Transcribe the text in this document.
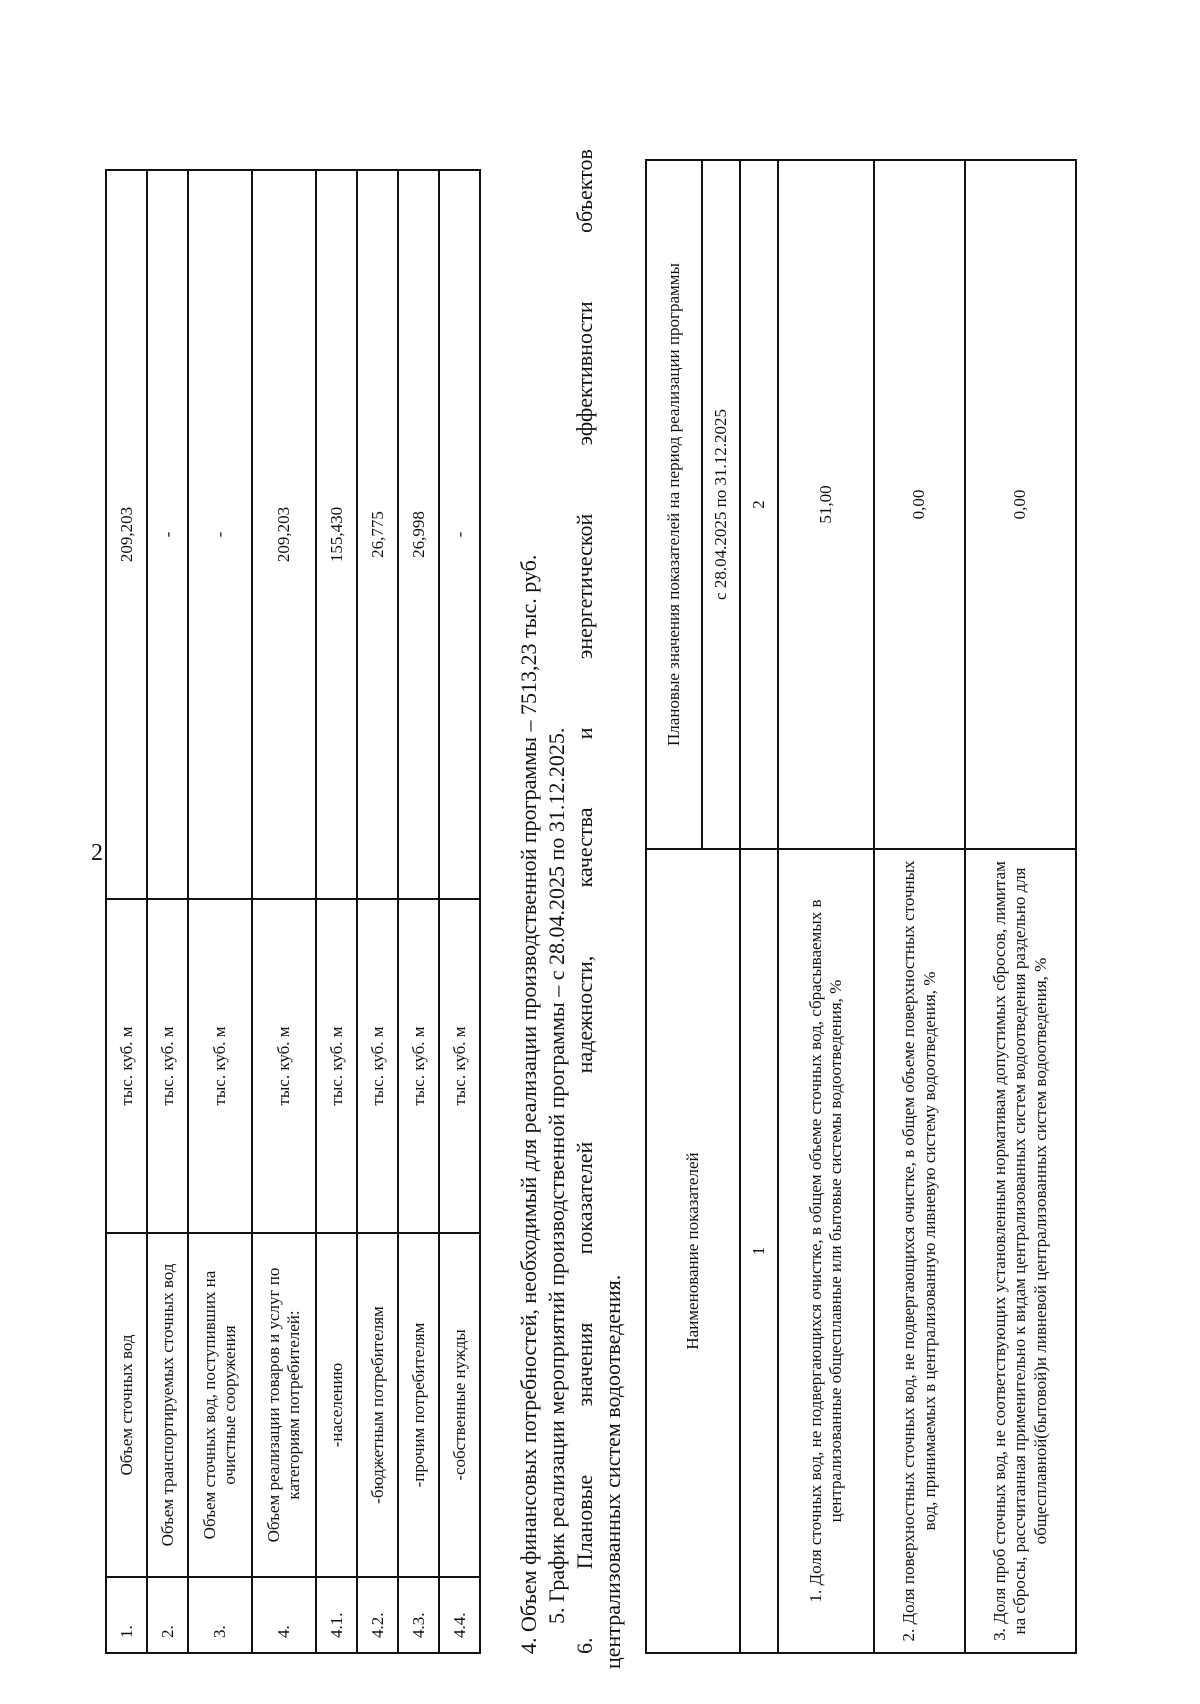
2
1.	Объем сточных вод	тыс. куб. м	209,203
2.	Объем транспортируемых сточных вод	тыс. куб. м	-
3.	Объем сточных вод, поступивших на очистные сооружения	тыс. куб. м	-
4.	Объем реализации товаров и услуг по категориям потребителей:	тыс. куб. м	209,203
4.1.	-населению	тыс. куб. м	155,430
4.2.	-бюджетным потребителям	тыс. куб. м	26,775
4.3.	-прочим потребителям	тыс. куб. м	26,998
4.4.	-собственные нужды	тыс. куб. м	-
4. Объем финансовых потребностей, необходимый для реализации производственной программы – 7513,23 тыс. руб. 5. График реализации мероприятий производственной программы – с 28.04.2025 по 31.12.2025.
6.
Плановые
значения
показателей
надежности,
качества
и
энергетической
эффективности
объектов
централизованных систем водоотведения.
Наименование показателей	Плановые значения показателей на период реализации программы
	с 28.04.2025 по 31.12.2025
1	2
1. Доля сточных вод, не подвергающихся очистке, в общем объеме сточных вод, сбрасываемых в централизованные общесплавные или бытовые системы водоотведения, %	51,00
2. Доля поверхностных сточных вод, не подвергающихся очистке, в общем объеме поверхностных сточных вод, принимаемых в централизованную ливневую систему водоотведения, %	0,00
3. Доля проб сточных вод, не соответствующих установленным нормативам допустимых сбросов, лимитам на сбросы, рассчитанная применительно к видам централизованных систем водоотведения раздельно для общесплавной(бытовой)и ливневой централизованных систем водоотведения, %	0,00
